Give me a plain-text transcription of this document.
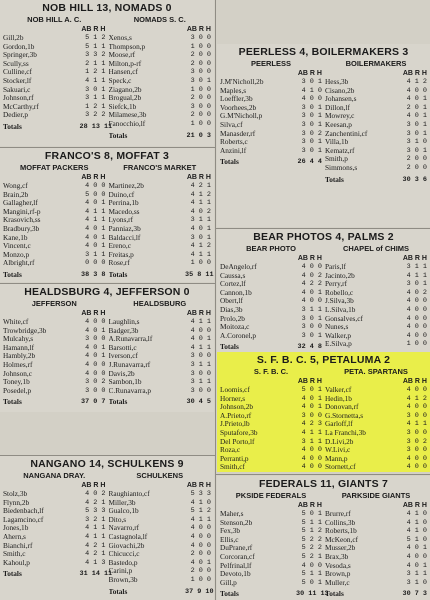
NOB HILL 13, NOMADS 0
NOB HILL A. C.
AB R H
Gill,2b	5 1 2
Gordon,1b	5 1 1
Springer,3b	3 3 2
Scully,ss	2 1 1
Culline,cf	1 2 1
Stocker,lf	4 1 1
Sakuari,c	3 0 1
Johnson,rf	3 1 1
McCarthy,rf	1 2 1
Dedier,p	3 2 2
Totals	28 13 11
NOMADS S. C.
AB R H
Xenos,s	3 0 0
Thompson,p	1 0 0
Moose,rf	2 0 0
Milton,p-rf	2 0 0
Hansen,cf	3 0 0
Speck,c	3 0 1
Ziagano,2b	1 0 0
Brogual,2b	2 0 0
Siefck,1b	3 0 0
Milamese,3b	2 0 0
Fanocchio,lf	1 0 0
Totals	21 0 3
PEERLESS 4, BOILERMAKERS 3
PEERLESS
AB R H
J.M'Nicholl,2b	3 0 1
Maples,s	4 1 0
Loeffler,3b	4 0 0
Voorhees,2b	3 0 1
G.M'Nicholl,p	3 0 1
Silva,cf	3 0 1
Manasder,rf	3 0 2
Roberts,c	3 0 1
Anzini,lf	3 0 1
Totals	26 4 4
BOILERMAKERS
AB R H
Hess,3b	4 1 2
Cisano,2b	4 0 0
Johansen,s	4 0 1
Dillon,lf	2 0 1
Mowrey,c	4 0 1
Keesan,p	3 0 1
Zanchentini,cf	3 0 1
Villa,1b	3 1 0
Kematz,rf	3 0 1
Smith,p	2 0 0
Simmons,s	2 0 0
Totals	30 3 6
FRANCO'S 8, MOFFAT 3
MOFFAT PACKERS
AB R H
Wong,cf	4 0 0
Brain,2b	5 0 0
Gallagher,lf	4 0 1
Mangini,rf-p	4 1 1
Krasovich,ss	4 1 1
Bradbury,3b	4 0 1
Kane,1b	4 0 1
Vincent,c	4 0 1
Monzo,p	3 1 1
Albright,rf	0 0 0
Totals	38 3 8
FRANCO'S MARKET
AB R H
Martinez,2b	4 2 1
Duino,cf	4 1 2
Perrina,1b	4 1 1
Macedo,ss	4 0 2
Lyons,rf	3 1 1
Panniaz,3b	4 0 1
Baldacci,lf	3 0 1
Ereno,c	4 1 2
Freitas,p	4 1 1
Rose,rf	1 0 0
Totals	35 8 11
BEAR PHOTOS 4, PALMS 2
BEAR PHOTO
AB R H
DeAngelo,rf	4 0 0
Caussa,s	4 0 2
Cortez,lf	4 2 2
Cannon,1b	4 0 1
Obert,lf	4 0 0
Dias,3b	3 1 1
Prolo,2b	3 0 1
Moitoza,c	3 0 0
A.Coronel,p	3 0 1
Totals	32 4 8
CHAPEL of CHIMS
AB R H
Paris,lf	3 1 1
Jacinto,2b	4 1 1
Perry,rf	3 0 1
Robello,c	4 0 2
J.Silva,3b	4 0 0
L.Silva,1b	4 0 0
Gonsalves,cf	4 0 0
Nunes,s	4 0 0
Walker,p	4 0 0
E.Silva,p	1 0 0
HEALDSBURG 4, JEFFERSON 0
JEFFERSON
AB R H
White,cf	4 0 0
Trowbridge,3b	4 0 1
Mulcahy,s	3 0 0
Hamann,lf	4 0 1
Hambly,2b	4 0 1
Holmes,rf	4 0 0
Johnson,c	4 0 0
Toney,1b	3 0 2
Posedel,p	3 0 0
Totals	37 0 7
HEALDSBURG
AB R H
Laughlin,s	4 1 1
Badger,3b	4 0 0
A.Runavarra,lf	4 0 1
Barsotti,c	4 1 1
Iverson,cf	3 0 0
J.Runavarra,rf	3 1 1
Davis,2b	3 0 0
Sambon,1b	3 1 1
C.Runavarra,p	3 0 0
Totals	30 4 5
S. F. B. C. 5, PETALUMA 2
S. F. B. C.
AB R H
Loomis,cf	5 0 1
Horner,s	4 0 1
Johnson,2b	4 0 1
A.Prieto,rf	3 0 0
J.Prieto,lb	4 2 3
Sputafore,3b	4 1 1
Del Porto,lf	3 1 1
Roza,c	4 0 0
Perranti,p	4 0 0
Smith,cf	4 0 0
PETA. SPARTANS
AB R H
Valker,cf	4 0 0
Hedin,1b	4 1 2
Donovan,rf	4 0 0
G.Stornetta,s	3 0 0
Garloff,lf	4 1 1
La Franchi,3b	3 0 0
D.Livi,2b	3 0 2
W.Livi,c	3 0 0
Mann,p	4 0 0
Stornett,cf	4 0 0
NANGANO 14, SCHULKENS 9
NANGANA DRAY.
AB R H
Stolz,3b	4 0 2
Flynn,2b	4 2 1
Biedenbach,lf	5 3 3
Lagamcino,cf	3 2 1
Jones,1b	4 1 1
Ahern,s	4 1 1
Bianchi,rf	4 2 1
Smith,c	4 2 1
Kahoul,p	4 1 3
Totals	31 14 11
SCHULKENS
AB R H
Raughianto,cf	5 3 3
Miller,3b	4 1 0
Gualco,1b	5 1 2
Dito,s	4 1 1
Navarro,rf	4 0 0
Castagnola,lf	4 0 0
Giovachi,2b	4 0 0
Chicucci,c	2 0 0
Bastedo,p	4 0 1
Carini,p	2 0 0
Brown,3b	1 0 0
Totals	37 9 10
FEDERALS 11, GIANTS 7
PKSIDE FEDERALS
AB R H
Maher,s	5 0 1
Stenson,2b	5 1 1
Fex,3b	5 1 2
Ellis,c	5 2 2
DuPrane,rf	5 2 2
Corcoran,cf	5 2 1
Pelfrinal,lf	4 0 0
Devoto,1b	5 1 1
Gill,p	5 0 1
Totals	30 11 13
PARKSIDE GIANTS
AB R H
Brurre,rf	4 1 0
Collins,3b	4 1 0
Roberts,1b	4 1 0
McKeon,cf	5 1 0
Musser,2b	4 0 1
Brax,3b	4 0 0
Vesoda,s	4 0 1
Brown,p	3 1 1
Muller,c	3 1 0
Totals	30 7 3
